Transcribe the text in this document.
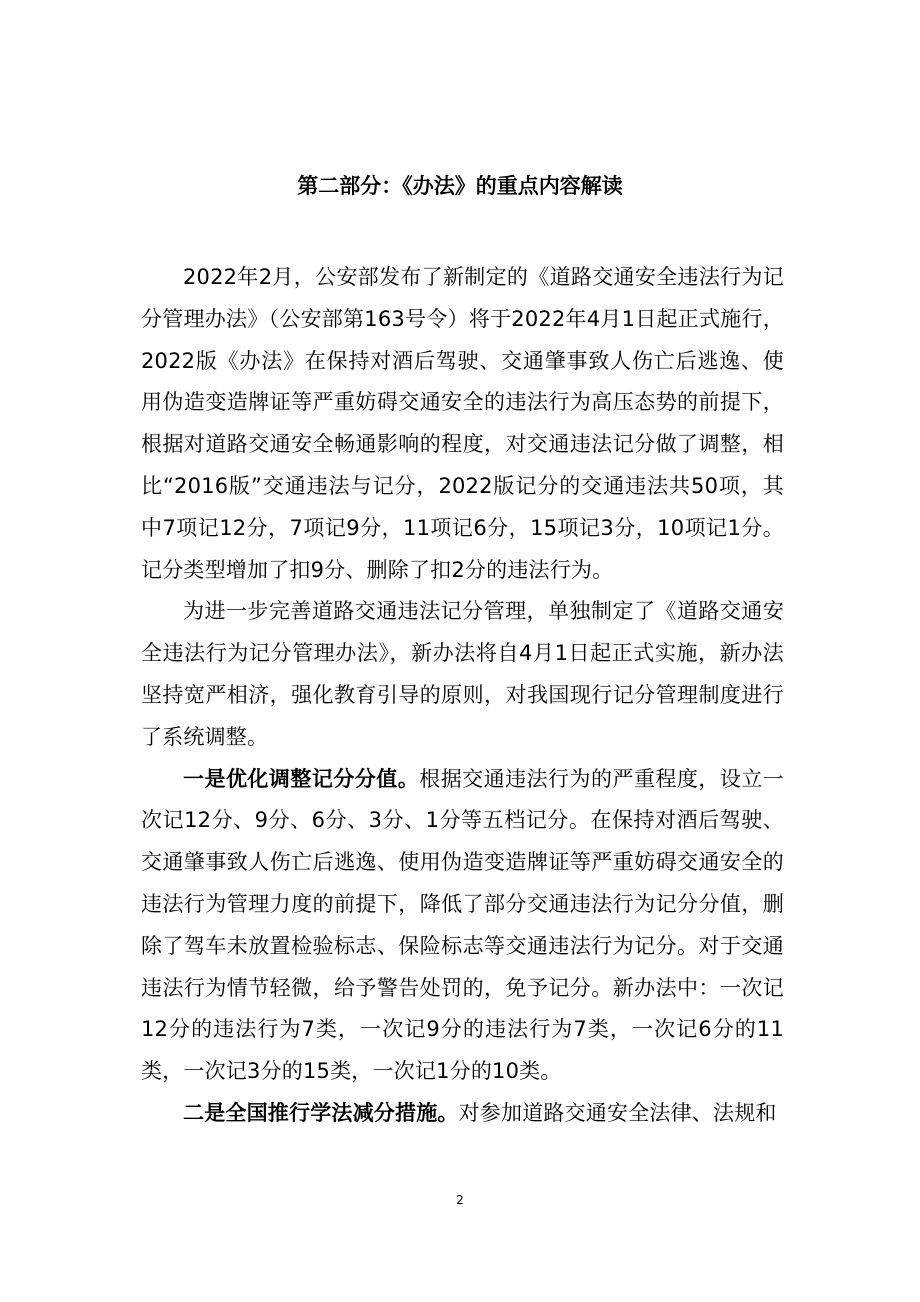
第二部分：《办法》的重点内容解读

2022年2月，公安部发布了新制定的《道路交通安全违法行为记分管理办法》（公安部第163号令）将于2022年4月1日起正式施行，2022版《办法》在保持对酒后驾驶、交通肇事致人伤亡后逃逸、使用伪造变造牌证等严重妨碍交通安全的违法行为高压态势的前提下，根据对道路交通安全畅通影响的程度，对交通违法记分做了调整，相比“2016版”交通违法与记分，2022版记分的交通违法共50项，其中7项记12分，7项记9分，11项记6分，15项记3分，10项记1分。记分类型增加了扣9分、删除了扣2分的违法行为。

为进一步完善道路交通违法记分管理，单独制定了《道路交通安全违法行为记分管理办法》，新办法将自4月1日起正式实施，新办法坚持宽严相济，强化教育引导的原则，对我国现行记分管理制度进行了系统调整。

一是优化调整记分分值。根据交通违法行为的严重程度，设立一次记12分、9分、6分、3分、1分等五档记分。在保持对酒后驾驶、交通肇事致人伤亡后逃逸、使用伪造变造牌证等严重妨碍交通安全的违法行为管理力度的前提下，降低了部分交通违法行为记分分值，删除了驾车未放置检验标志、保险标志等交通违法行为记分。对于交通违法行为情节轻微，给予警告处罚的，免予记分。新办法中：一次记12分的违法行为7类，一次记9分的违法行为7类，一次记6分的11类，一次记3分的15类，一次记1分的10类。

二是全国推行学法减分措施。对参加道路交通安全法律、法规和

2
